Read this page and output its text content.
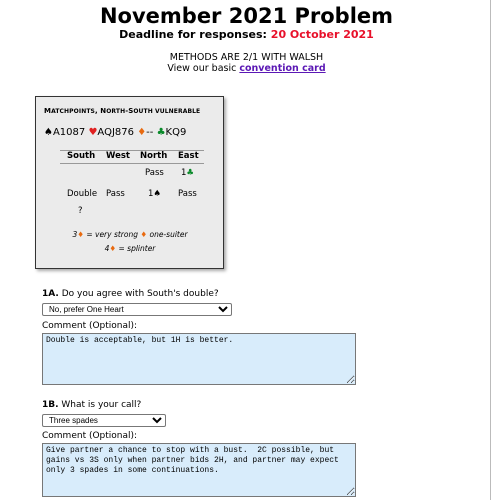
November 2021 Problem
Deadline for responses: 20 October 2021
METHODS ARE 2/1 WITH WALSH
View our basic convention card
MATCHPOINTS, NORTH-SOUTH VULNERABLE
♠A1087 ♥AQJ876 ♦-- ♣KQ9
South West North East
Pass 1♣
Double Pass	1♠ Pass
?
3♦ = very strong ♦ one-suiter
4♦ = splinter
1A. Do you agree with South's double?
No, prefer One Heart
Comment (Optional):
Double is acceptable, but 1H is better.
1B. What is your call?
Three spades
Comment (Optional):
Give partner a chance to stop with a bust. 2C possible, but gains vs 3S only when partner bids 2H, and partner may expect only 3 spades in some continuations.
